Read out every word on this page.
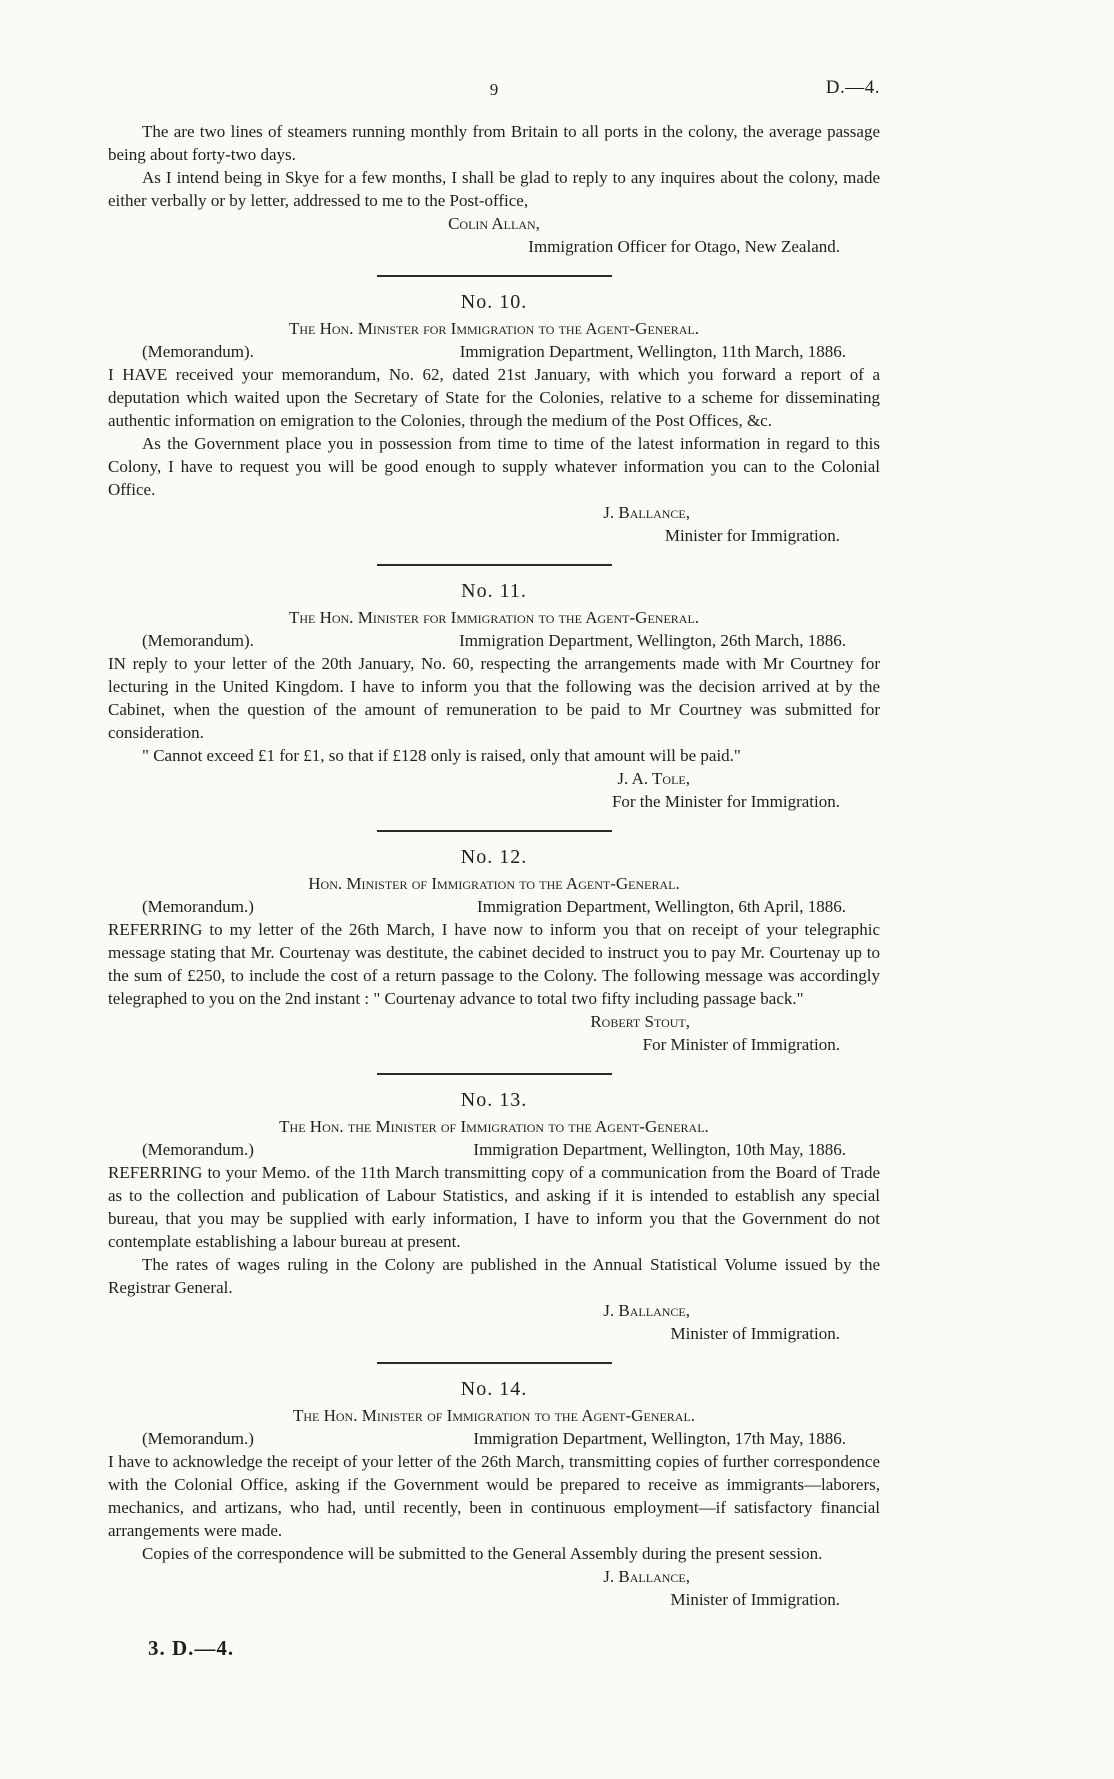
9	D.—4.

The are two lines of steamers running monthly from Britain to all ports in the colony, the average passage being about forty-two days.

As I intend being in Skye for a few months, I shall be glad to reply to any inquires about the colony, made either verbally or by letter, addressed to me to the Post-office,

Colin Allan,
Immigration Officer for Otago, New Zealand.
No. 10.
The Hon. Minister for Immigration to the Agent-General.
(Memorandum).	Immigration Department, Wellington, 11th March, 1886.

I HAVE received your memorandum, No. 62, dated 21st January, with which you forward a report of a deputation which waited upon the Secretary of State for the Colonies, relative to a scheme for disseminating authentic information on emigration to the Colonies, through the medium of the Post Offices, &c.

As the Government place you in possession from time to time of the latest information in regard to this Colony, I have to request you will be good enough to supply whatever information you can to the Colonial Office.

J. Ballance,
Minister for Immigration.
No. 11.
The Hon. Minister for Immigration to the Agent-General.
(Memorandum).	Immigration Department, Wellington, 26th March, 1886.

IN reply to your letter of the 20th January, No. 60, respecting the arrangements made with Mr Courtney for lecturing in the United Kingdom. I have to inform you that the following was the decision arrived at by the Cabinet, when the question of the amount of remuneration to be paid to Mr Courtney was submitted for consideration.

" Cannot exceed £1 for £1, so that if £128 only is raised, only that amount will be paid."

J. A. Tole,
For the Minister for Immigration.
No. 12.
Hon. Minister of Immigration to the Agent-General.
(Memorandum.)	Immigration Department, Wellington, 6th April, 1886.

REFERRING to my letter of the 26th March, I have now to inform you that on receipt of your telegraphic message stating that Mr. Courtenay was destitute, the cabinet decided to instruct you to pay Mr. Courtenay up to the sum of £250, to include the cost of a return passage to the Colony. The following message was accordingly telegraphed to you on the 2nd instant : " Courtenay advance to total two fifty including passage back."

Robert Stout,
For Minister of Immigration.
No. 13.
The Hon. the Minister of Immigration to the Agent-General.
(Memorandum.)	Immigration Department, Wellington, 10th May, 1886.

REFERRING to your Memo. of the 11th March transmitting copy of a communication from the Board of Trade as to the collection and publication of Labour Statistics, and asking if it is intended to establish any special bureau, that you may be supplied with early information, I have to inform you that the Government do not contemplate establishing a labour bureau at present.

The rates of wages ruling in the Colony are published in the Annual Statistical Volume issued by the Registrar General.

J. Ballance,
Minister of Immigration.
No. 14.
The Hon. Minister of Immigration to the Agent-General.
(Memorandum.)	Immigration Department, Wellington, 17th May, 1886.

I have to acknowledge the receipt of your letter of the 26th March, transmitting copies of further correspondence with the Colonial Office, asking if the Government would be prepared to receive as immigrants—laborers, mechanics, and artizans, who had, until recently, been in continuous employment—if satisfactory financial arrangements were made.

Copies of the correspondence will be submitted to the General Assembly during the present session.

J. Ballance,
Minister of Immigration.
3. D.—4.
